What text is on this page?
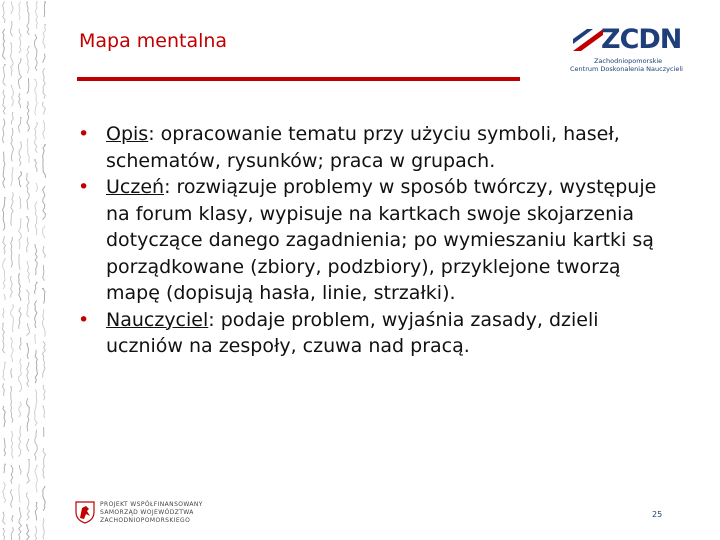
Mapa mentalna	ZCDN
Zachodniopomorskie
Centrum Doskonalenia Nauczycieli
• Opis: opracowanie tematu przy użyciu symboli, haseł, schematów, rysunków; praca w grupach.
• Uczeń: rozwiązuje problemy w sposób twórczy, występuje na forum klasy, wypisuje na kartkach swoje skojarzenia dotyczące danego zagadnienia; po wymieszaniu kartki są porządkowane (zbiory, podzbiory), przyklejone tworzą mapę (dopisują hasła, linie, strzałki).
• Nauczyciel: podaje problem, wyjaśnia zasady, dzieli uczniów na zespoły, czuwa nad pracą.
PROJEKT WSPÓŁFINANSOWANY
SAMORZĄD WOJEWÓDZTWA
ZACHODNIOPOMORSKIEGO
25
